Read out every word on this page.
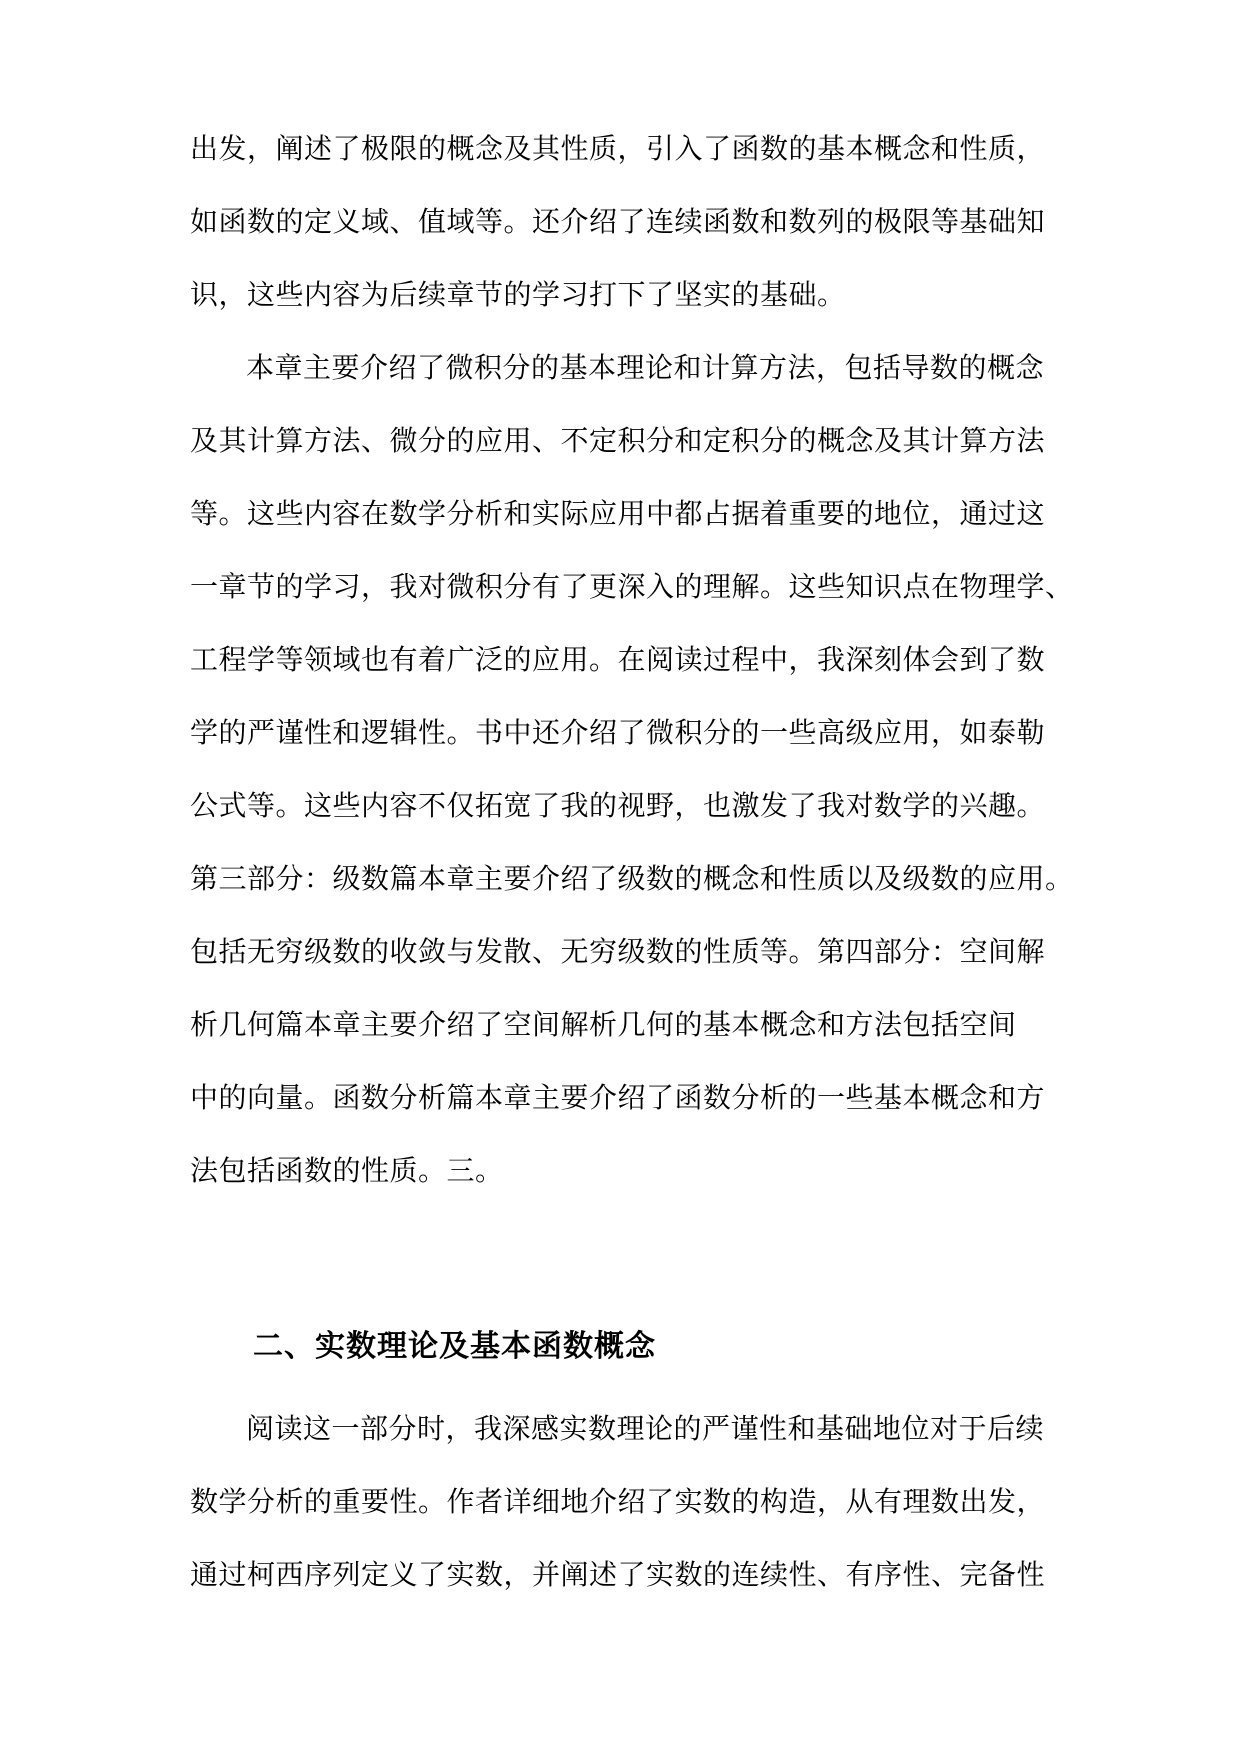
出发，阐述了极限的概念及其性质，引入了函数的基本概念和性质，
如函数的定义域、值域等。还介绍了连续函数和数列的极限等基础知
识，这些内容为后续章节的学习打下了坚实的基础。
本章主要介绍了微积分的基本理论和计算方法，包括导数的概念
及其计算方法、微分的应用、不定积分和定积分的概念及其计算方法
等。这些内容在数学分析和实际应用中都占据着重要的地位，通过这
一章节的学习，我对微积分有了更深入的理解。这些知识点在物理学、
工程学等领域也有着广泛的应用。在阅读过程中，我深刻体会到了数
学的严谨性和逻辑性。书中还介绍了微积分的一些高级应用，如泰勒
公式等。这些内容不仅拓宽了我的视野，也激发了我对数学的兴趣。
第三部分：级数篇本章主要介绍了级数的概念和性质以及级数的应用。
包括无穷级数的收敛与发散、无穷级数的性质等。第四部分：空间解
析几何篇本章主要介绍了空间解析几何的基本概念和方法包括空间
中的向量。函数分析篇本章主要介绍了函数分析的一些基本概念和方
法包括函数的性质。三。
二、实数理论及基本函数概念
阅读这一部分时，我深感实数理论的严谨性和基础地位对于后续
数学分析的重要性。作者详细地介绍了实数的构造，从有理数出发，
通过柯西序列定义了实数，并阐述了实数的连续性、有序性、完备性
